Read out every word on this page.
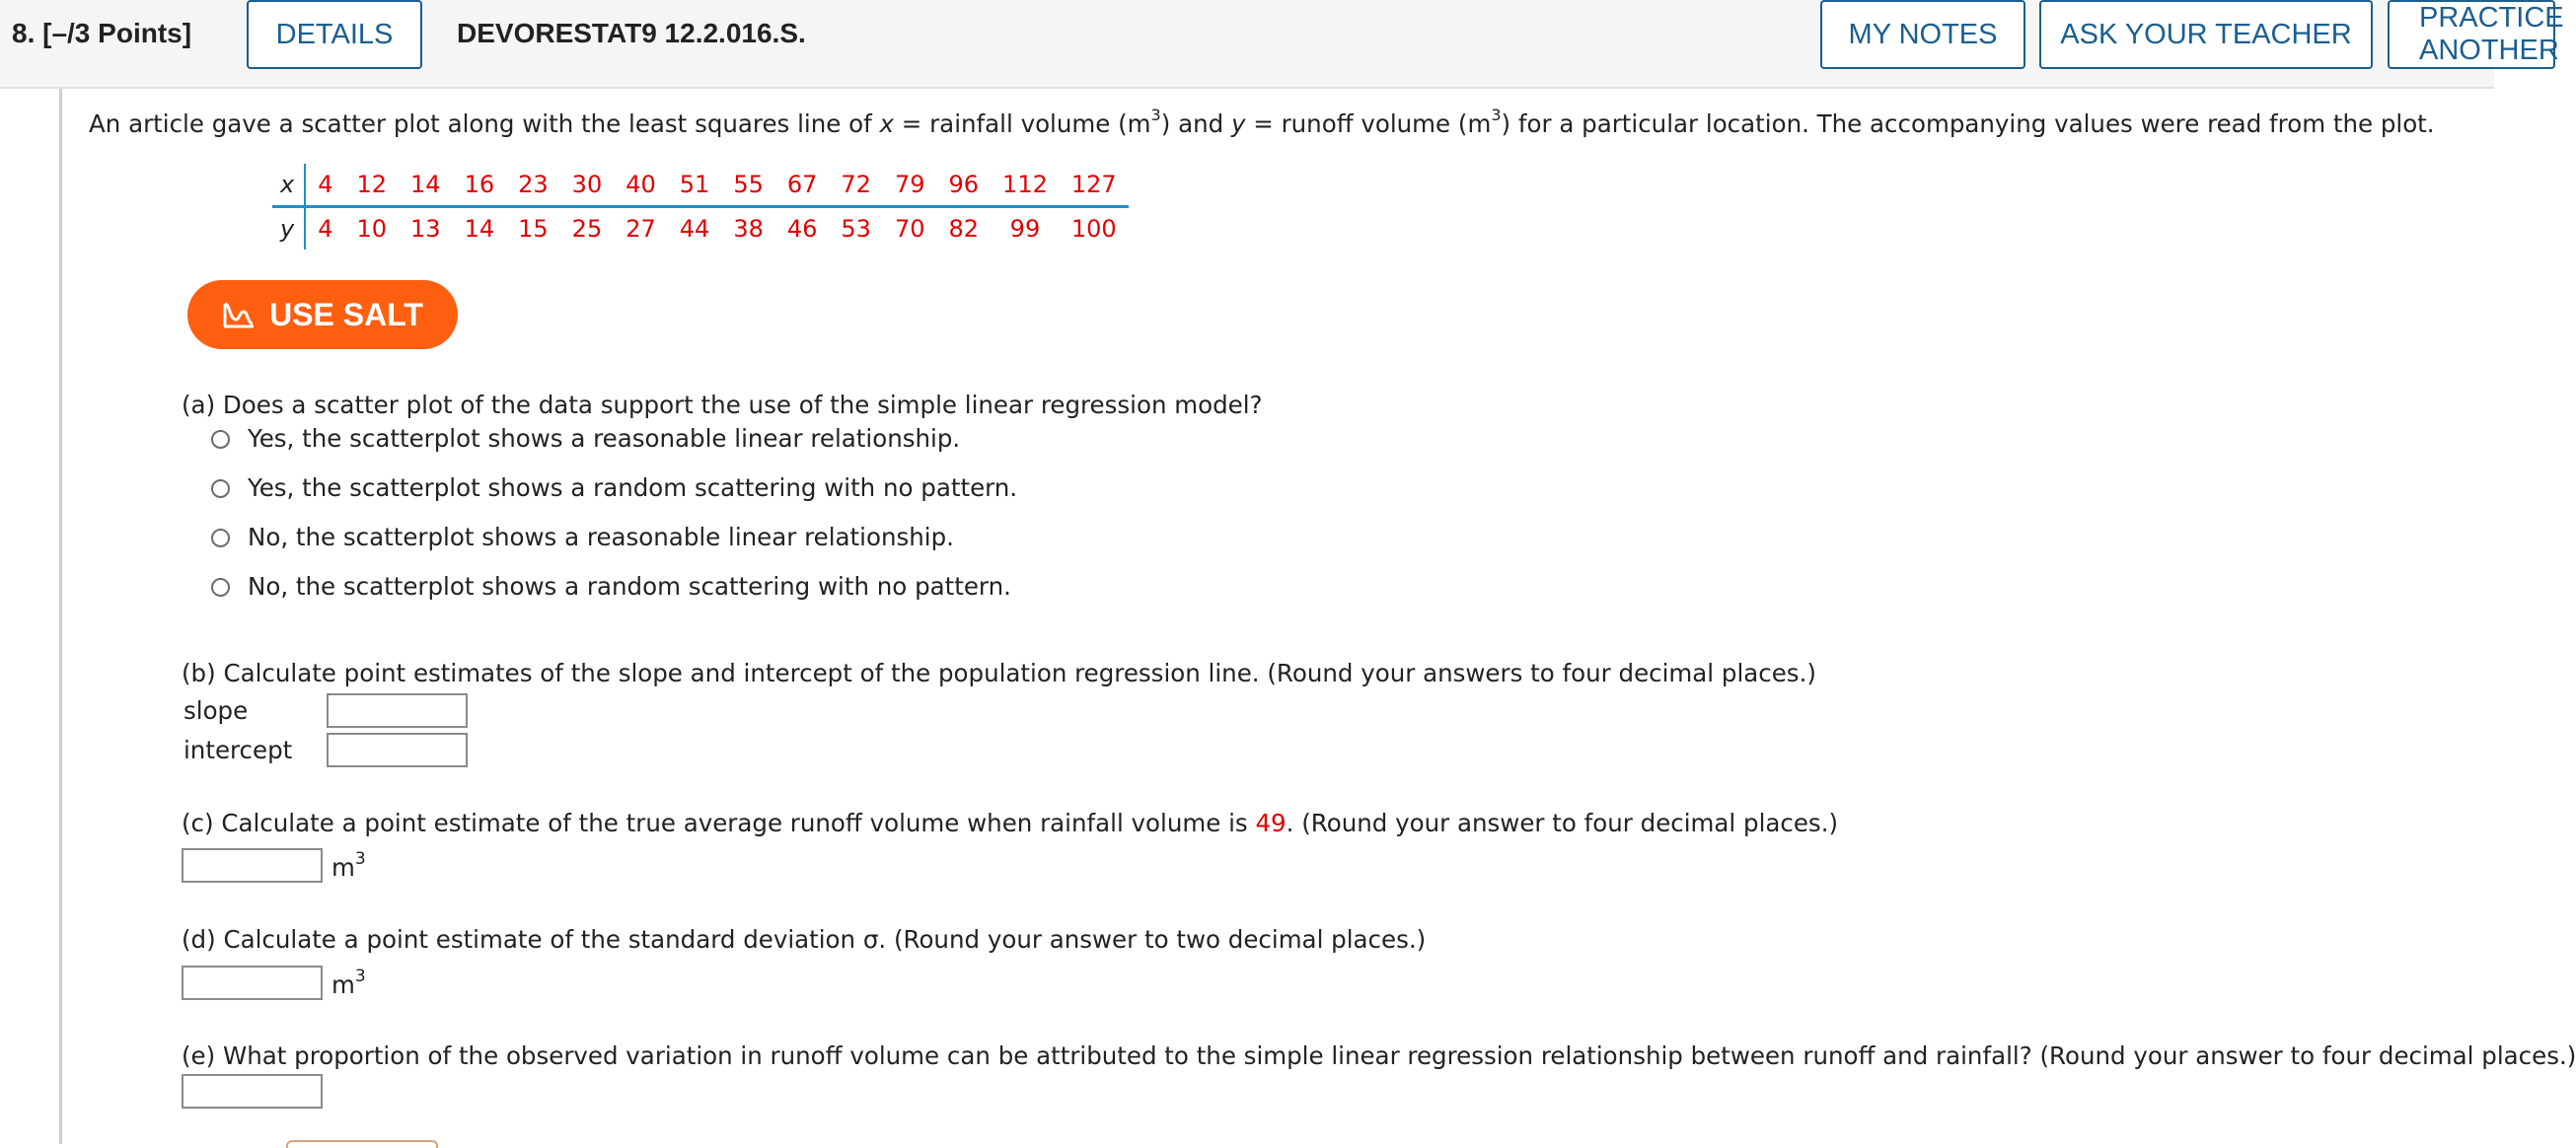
8. [–/3 Points]	DETAILS	DEVORESTAT9 12.2.016.S.	MY NOTES	ASK YOUR TEACHER
PRACTICE ANOTHER
An article gave a scatter plot along with the least squares line of x = rainfall volume $(m^3)$ and y = runoff volume $(m^3)$ for a particular location. The accompanying values were read from the plot.
x	4	12	14	16	23	30	40	51	55	67	72	79	96	112	127
y	4	10	13	14	15	25	27	44	38	46	53	70	82	99	100
USE SALT
(a) Does a scatter plot of the data support the use of the simple linear regression model?
Yes, the scatterplot shows a reasonable linear relationship.
Yes, the scatterplot shows a random scattering with no pattern.
No, the scatterplot shows a reasonable linear relationship.
No, the scatterplot shows a random scattering with no pattern.
(b) Calculate point estimates of the slope and intercept of the population regression line. (Round your answers to four decimal places.)
slope
intercept
(c) Calculate a point estimate of the true average runoff volume when rainfall volume is 49. (Round your answer to four decimal places.)
$m^3$
(d) Calculate a point estimate of the standard deviation σ. (Round your answer to two decimal places.)
$m^3$
(e) What proportion of the observed variation in runoff volume can be attributed to the simple linear regression relationship between runoff and rainfall? (Round your answer to four decimal places.)
